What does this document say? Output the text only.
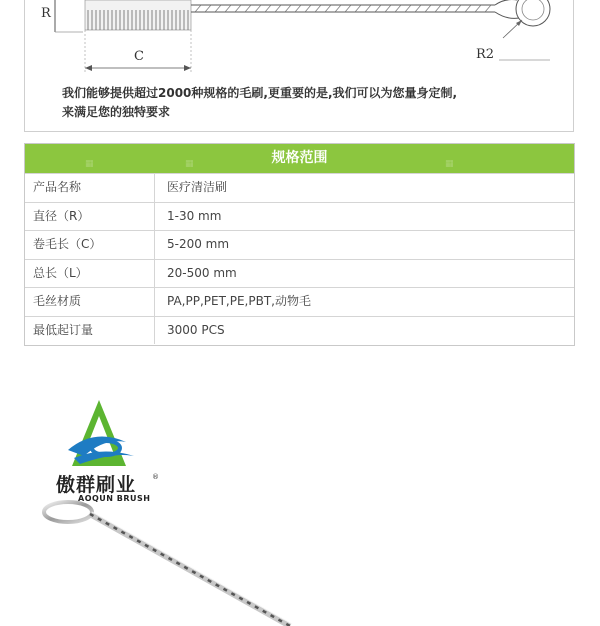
R
R2
C
我们能够提供超过2000种规格的毛刷,更重要的是,我们可以为您量身定制,
来满足您的独特要求
▦	▦	▦
规格范围
产品名称	医疗清洁刷
直径（R）	1-30 mm
卷毛长（C）	5-200 mm
总长（L）	20-500 mm
毛丝材质	PA,PP,PET,PE,PBT,动物毛
最低起订量	3000 PCS
傲群刷业 ®
AOQUN BRUSH
